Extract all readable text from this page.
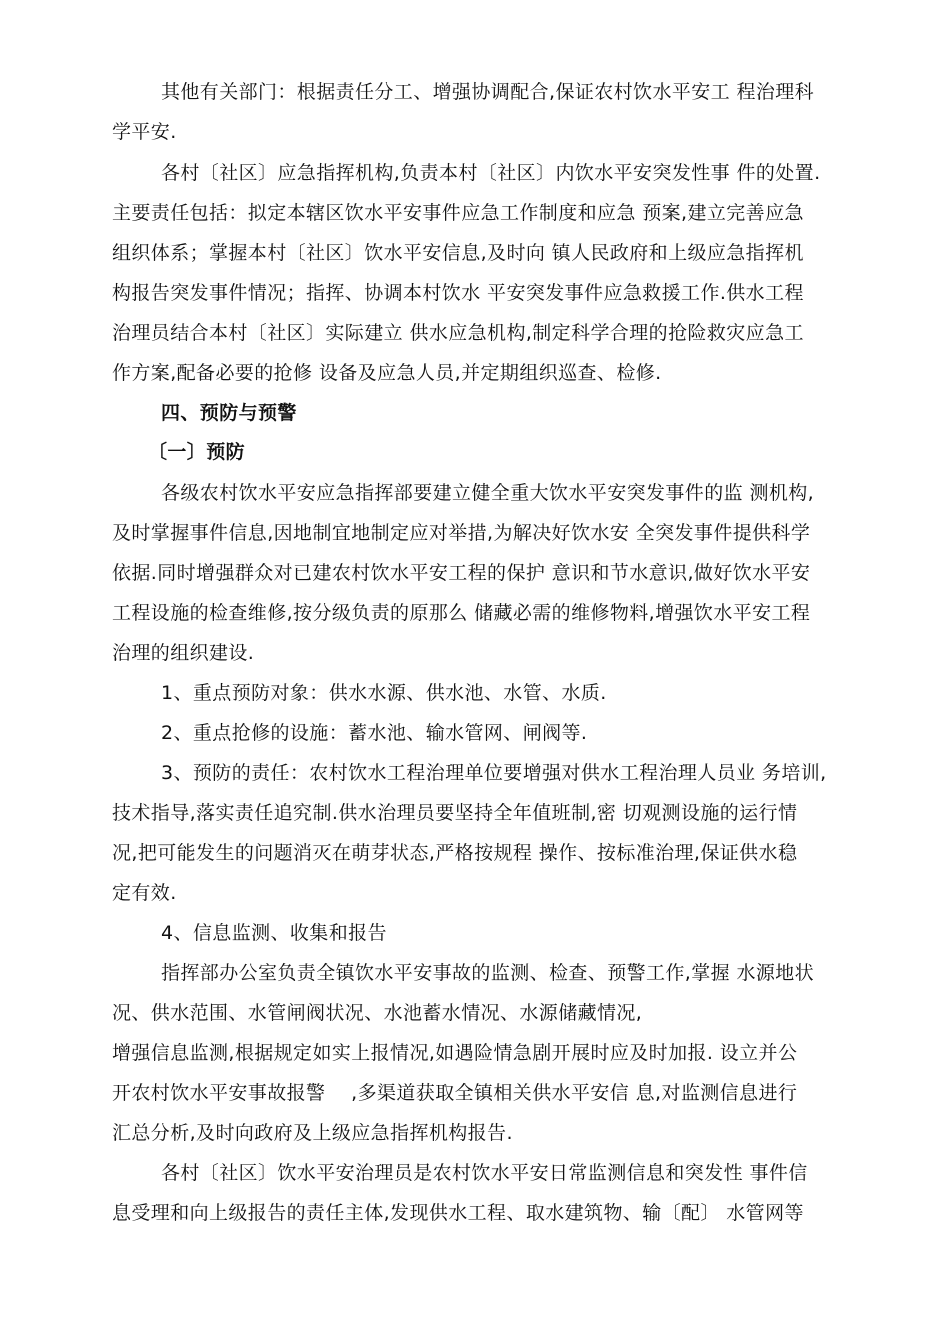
其他有关部门：根据责任分工、增强协调配合,保证农村饮水平安工 程治理科
学平安.
各村〔社区〕应急指挥机构,负责本村〔社区〕内饮水平安突发性事 件的处置.
主要责任包括：拟定本辖区饮水平安事件应急工作制度和应急 预案,建立完善应急
组织体系；掌握本村〔社区〕饮水平安信息,及时向 镇人民政府和上级应急指挥机
构报告突发事件情况；指挥、协调本村饮水 平安突发事件应急救援工作.供水工程
治理员结合本村〔社区〕实际建立 供水应急机构,制定科学合理的抢险救灾应急工
作方案,配备必要的抢修 设备及应急人员,并定期组织巡查、检修.
四、预防与预警
〔一〕预防
各级农村饮水平安应急指挥部要建立健全重大饮水平安突发事件的监 测机构,
及时掌握事件信息,因地制宜地制定应对举措,为解决好饮水安 全突发事件提供科学
依据.同时增强群众对已建农村饮水平安工程的保护 意识和节水意识,做好饮水平安
工程设施的检查维修,按分级负责的原那么 储藏必需的维修物料,增强饮水平安工程
治理的组织建设.
1、重点预防对象：供水水源、供水池、水管、水质.
2、重点抢修的设施：蓄水池、输水管网、闸阀等.
3、预防的责任：农村饮水工程治理单位要增强对供水工程治理人员业 务培训,
技术指导,落实责任追究制.供水治理员要坚持全年值班制,密 切观测设施的运行情
况,把可能发生的问题消灭在萌芽状态,严格按规程 操作、按标准治理,保证供水稳
定有效.
4、信息监测、收集和报告
指挥部办公室负责全镇饮水平安事故的监测、检查、预警工作,掌握 水源地状
况、供水范围、水管闸阀状况、水池蓄水情况、水源储藏情况,
增强信息监测,根据规定如实上报情况,如遇险情急剧开展时应及时加报. 设立并公
开农村饮水平安事故报警    ,多渠道获取全镇相关供水平安信 息,对监测信息进行
汇总分析,及时向政府及上级应急指挥机构报告.
各村〔社区〕饮水平安治理员是农村饮水平安日常监测信息和突发性 事件信
息受理和向上级报告的责任主体,发现供水工程、取水建筑物、输〔配〕 水管网等
